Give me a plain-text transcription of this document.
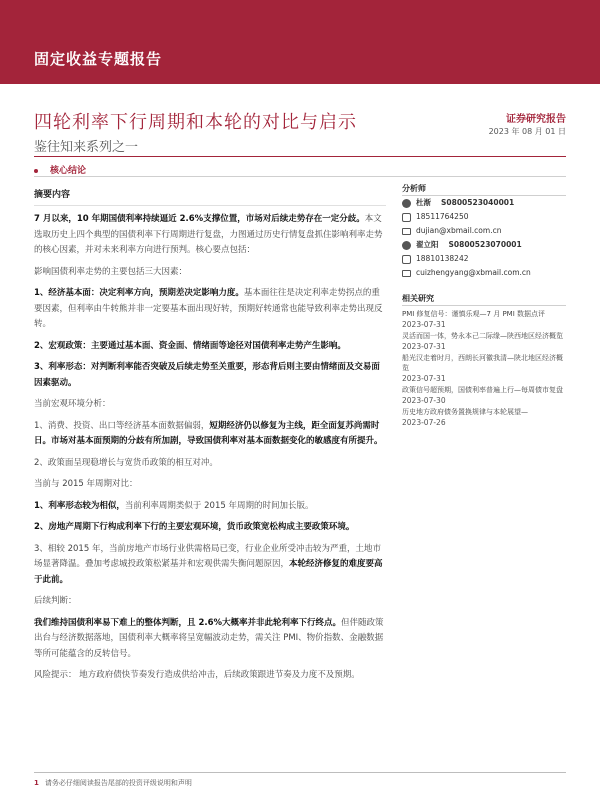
固定收益专题报告
四轮利率下行周期和本轮的对比与启示	证券研究报告
2023 年 08 月 01 日
鉴往知来系列之一
核心结论
摘要内容

7 月以来，10 年期国债利率持续逼近 2.6%支撑位置，市场对后续走势存在一定分歧。本文选取历史上四个典型的国债利率下行周期进行复盘，力图通过历史行情复盘抓住影响利率走势的核心因素，并对未来利率方向进行预判。核心要点包括：

影响国债利率走势的主要包括三大因素：

1、经济基本面：决定利率方向，预期差决定影响力度。基本面往往是决定利率走势拐点的重要因素，但利率由牛转熊并非一定要基本面出现好转，预期好转通常也能导致利率走势出现反转。

2、宏观政策：主要通过基本面、资金面、情绪面等途径对国债利率走势产生影响。

3、利率形态：对判断利率能否突破及后续走势至关重要，形态背后则主要由情绪面及交易面因素驱动。

当前宏观环境分析：

1、消费、投资、出口等经济基本面数据偏弱，短期经济仍以修复为主线，距全面复苏尚需时日。市场对基本面预期的分歧有所加剧，导致国债利率对基本面数据变化的敏感度有所提升。

2、政策面呈现稳增长与宽货币政策的相互对冲。

当前与 2015 年周期对比：

1、利率形态较为相似，当前利率周期类似于 2015 年周期的时间加长版。

2、房地产周期下行构成利率下行的主要宏观环境，货币政策宽松构成主要政策环境。

3、相较 2015 年，当前房地产市场行业供需格局已变，行业企业所受冲击较为严重，土地市场显著降温。叠加考虑城投政策松紧基并和宏观供需失衡问题原因，本轮经济修复的难度要高于此前。

后续判断：

我们维持国债利率易下难上的整体判断，且 2.6%大概率并非此轮利率下行终点。但伴随政策出台与经济数据落地，国债利率大概率将呈宽幅波动走势，需关注 PMI、物价指数、金融数据等所可能蕴含的反转信号。

风险提示： 地方政府债快节奏发行造成供给冲击，后续政策跟进节奏及力度不及预期。

分析师
杜渐 S0800523040001
18511764250
dujian@xbmail.com.cn
翟立阳 S0800523070001
18810138242
cuizhengyang@xbmail.com.cn
相关研究
PMI 修复信号：谨慎乐观—7 月 PMI 数据点评
2023-07-31
灵活而国一体，势永本己二际缘—陕西地区经济概览
2023-07-31
船光汉走着时月，西朗长河徽我清—陕北地区经济概览
2023-07-31
政策信号超预期，国债利率普遍上行—每周债市复盘
2023-07-30
历史地方政府债务置换规律与本轮展望—
2023-07-26
1 请务必仔细阅读报告尾部的投资评级说明和声明
